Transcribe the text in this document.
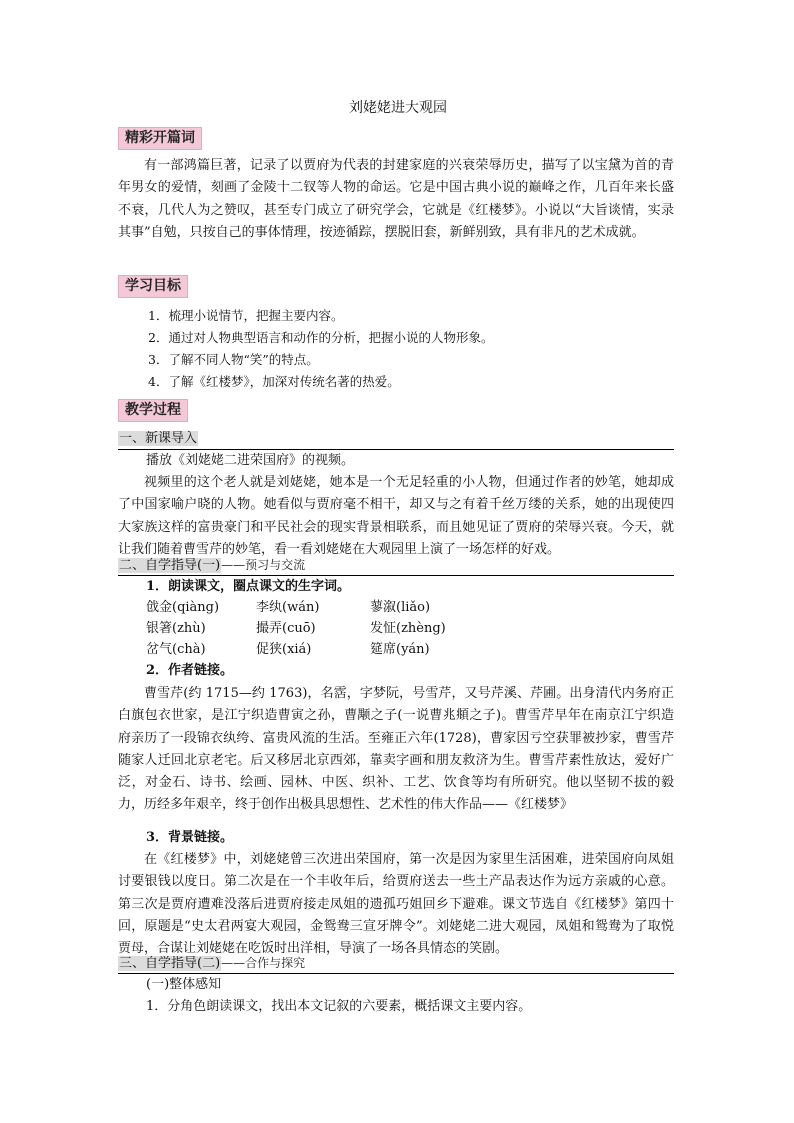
刘姥姥进大观园
精彩开篇词

有一部鸿篇巨著，记录了以贾府为代表的封建家庭的兴衰荣辱历史，描写了以宝黛为首的青年男女的爱情，刻画了金陵十二钗等人物的命运。它是中国古典小说的巅峰之作，几百年来长盛不衰，几代人为之赞叹，甚至专门成立了研究学会，它就是《红楼梦》。小说以“大旨谈情，实录其事”自勉，只按自己的事体情理，按迹循踪，摆脱旧套，新鲜别致，具有非凡的艺术成就。

学习目标
1．梳理小说情节，把握主要内容。
2．通过对人物典型语言和动作的分析，把握小说的人物形象。
3．了解不同人物“笑”的特点。
4．了解《红楼梦》，加深对传统名著的热爱。
教学过程
一、新课导入
播放《刘姥姥二进荣国府》的视频。

视频里的这个老人就是刘姥姥，她本是一个无足轻重的小人物，但通过作者的妙笔，她却成了中国家喻户晓的人物。她看似与贾府毫不相干，却又与之有着千丝万缕的关系，她的出现使四大家族这样的富贵豪门和平民社会的现实背景相联系，而且她见证了贾府的荣辱兴衰。今天，就让我们随着曹雪芹的妙笔，看一看刘姥姥在大观园里上演了一场怎样的好戏。

二、自学指导(一)——预习与交流
1．朗读课文，圈点课文的生字词。
戗金(qiàng)	李纨(wán)	蓼溆(liǎo)
银箸(zhù)	撮弄(cuō)	发怔(zhèng)
岔气(chà)	促狭(xiá)	筵席(yán)
2．作者链接。

曹雪芹(约 1715—约 1763)，名霑，字梦阮，号雪芹，又号芹溪、芹圃。出身清代内务府正白旗包衣世家，是江宁织造曹寅之孙，曹颙之子(一说曹兆頫之子)。曹雪芹早年在南京江宁织造府亲历了一段锦衣纨绔、富贵风流的生活。至雍正六年(1728)，曹家因亏空获罪被抄家，曹雪芹随家人迁回北京老宅。后又移居北京西郊，靠卖字画和朋友救济为生。曹雪芹素性放达，爱好广泛，对金石、诗书、绘画、园林、中医、织补、工艺、饮食等均有所研究。他以坚韧不拔的毅力，历经多年艰辛，终于创作出极具思想性、艺术性的伟大作品——《红楼梦》

3．背景链接。

在《红楼梦》中，刘姥姥曾三次进出荣国府，第一次是因为家里生活困难，进荣国府向凤姐讨要银钱以度日。第二次是在一个丰收年后，给贾府送去一些土产品表达作为远方亲戚的心意。第三次是贾府遭难没落后进贾府接走凤姐的遗孤巧姐回乡下避难。课文节选自《红楼梦》第四十回，原题是“史太君两宴大观园，金鸳鸯三宣牙牌令”。刘姥姥二进大观园，凤姐和鸳鸯为了取悦贾母，合谋让刘姥姥在吃饭时出洋相，导演了一场各具情态的笑剧。

三、自学指导(二)——合作与探究
(一)整体感知
1．分角色朗读课文，找出本文记叙的六要素，概括课文主要内容。
